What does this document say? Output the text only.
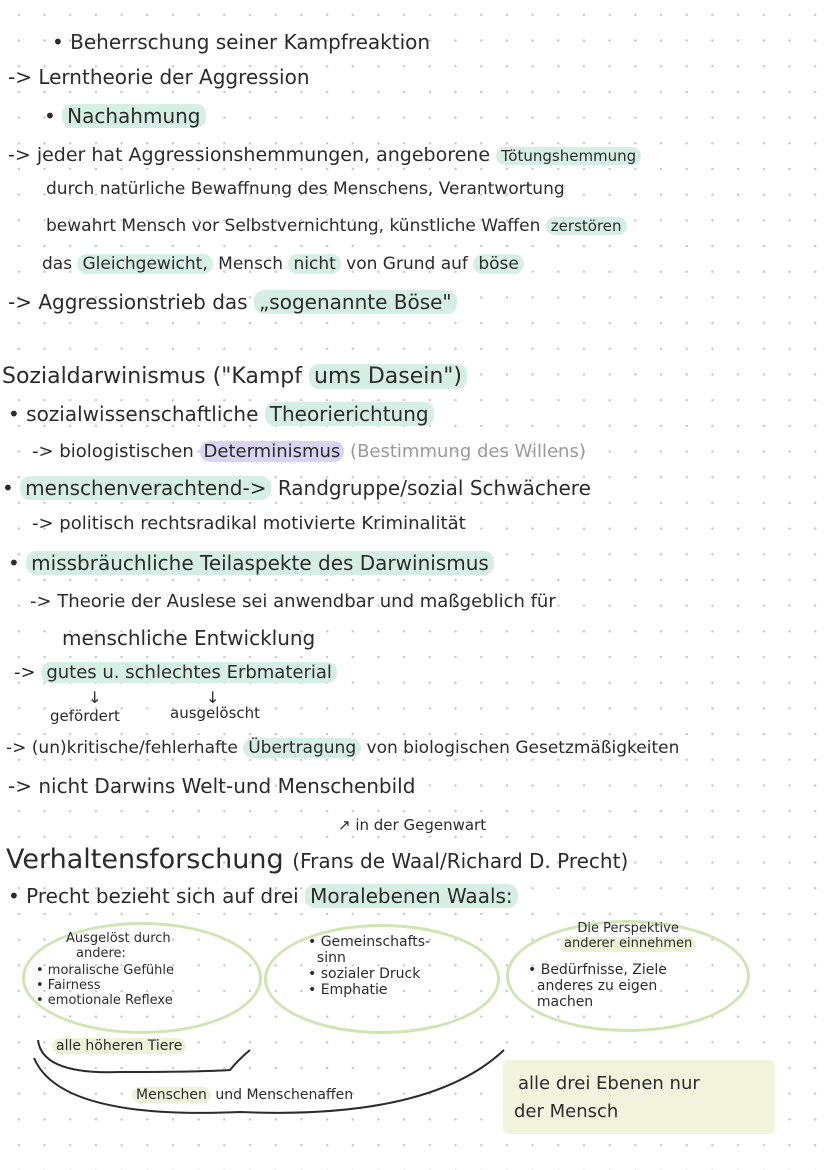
• Beherrschung seiner Kampfreaktion
-> Lerntheorie der Aggression
• Nachahmung
-> jeder hat Aggressionshemmungen, angeborene Tötungshemmung
durch natürliche Bewaffnung des Menschens, Verantwortung
bewahrt Mensch vor Selbstvernichtung, künstliche Waffen zerstören
das Gleichgewicht, Mensch nicht von Grund auf böse
-> Aggressionstrieb das „sogenannte Böse"
Sozialdarwinismus ("Kampf ums Dasein")
• sozialwissenschaftliche Theorierichtung
-> biologistischen Determinismus (Bestimmung des Willens)
• menschenverachtend-> Randgruppe/sozial Schwächere
-> politisch rechtsradikal motivierte Kriminalität
• missbräuchliche Teilaspekte des Darwinismus
-> Theorie der Auslese sei anwendbar und maßgeblich für
menschliche Entwicklung
-> gutes u. schlechtes Erbmaterial
↓	↓
gefördert	ausgelöscht
-> (un)kritische/fehlerhafte Übertragung von biologischen Gesetzmäßigkeiten
-> nicht Darwins Welt-und Menschenbild
↗ in der Gegenwart
Verhaltensforschung (Frans de Waal/Richard D. Precht)
• Precht bezieht sich auf drei Moralebenen Waals:
Ausgelöst durch
andere:
• moralische Gefühle
• Fairness
• emotionale Reflexe
• Gemeinschafts-
sinn
• sozialer Druck
• Emphatie
Die Perspektive
anderer einnehmen
• Bedürfnisse, Ziele
anderes zu eigen
machen
alle höheren Tiere
Menschen und Menschenaffen
alle drei Ebenen nur
der Mensch
